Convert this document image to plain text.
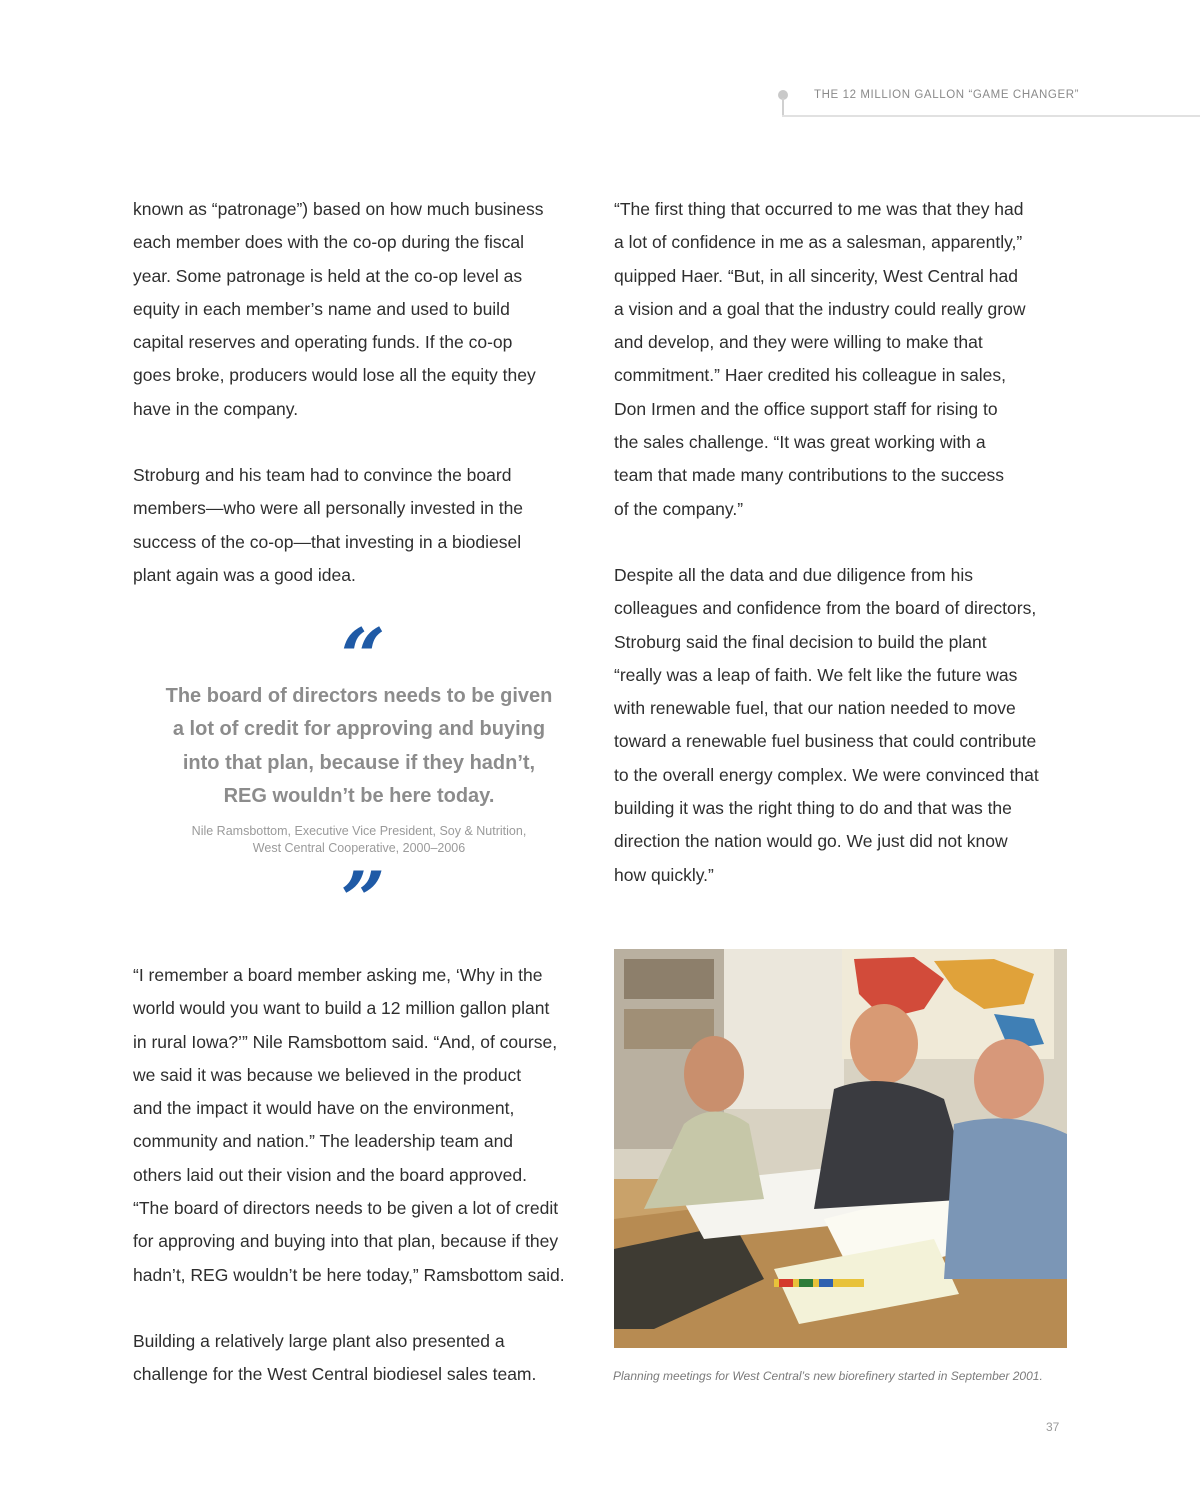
THE 12 MILLION GALLON “GAME CHANGER”
known as “patronage”) based on how much business
each member does with the co-op during the fiscal
year. Some patronage is held at the co-op level as
equity in each member’s name and used to build
capital reserves and operating funds. If the co-op
goes broke, producers would lose all the equity they
have in the company.
Stroburg and his team had to convince the board
members—who were all personally invested in the
success of the co-op—that investing in a biodiesel
plant again was a good idea.
“
The board of directors needs to be given
a lot of credit for approving and buying
into that plan, because if they hadn’t,
REG wouldn’t be here today.
Nile Ramsbottom, Executive Vice President, Soy & Nutrition,
West Central Cooperative, 2000–2006
”
“I remember a board member asking me, ‘Why in the
world would you want to build a 12 million gallon plant
in rural Iowa?’” Nile Ramsbottom said. “And, of course,
we said it was because we believed in the product
and the impact it would have on the environment,
community and nation.” The leadership team and
others laid out their vision and the board approved.
“The board of directors needs to be given a lot of credit
for approving and buying into that plan, because if they
hadn’t, REG wouldn’t be here today,” Ramsbottom said.
Building a relatively large plant also presented a
challenge for the West Central biodiesel sales team.
“The first thing that occurred to me was that they had
a lot of confidence in me as a salesman, apparently,”
quipped Haer. “But, in all sincerity, West Central had
a vision and a goal that the industry could really grow
and develop, and they were willing to make that
commitment.” Haer credited his colleague in sales,
Don Irmen and the office support staff for rising to
the sales challenge. “It was great working with a
team that made many contributions to the success
of the company.”
Despite all the data and due diligence from his
colleagues and confidence from the board of directors,
Stroburg said the final decision to build the plant
“really was a leap of faith. We felt like the future was
with renewable fuel, that our nation needed to move
toward a renewable fuel business that could contribute
to the overall energy complex. We were convinced that
building it was the right thing to do and that was the
direction the nation would go. We just did not know
how quickly.”
Planning meetings for West Central’s new biorefinery started in September 2001.
37
